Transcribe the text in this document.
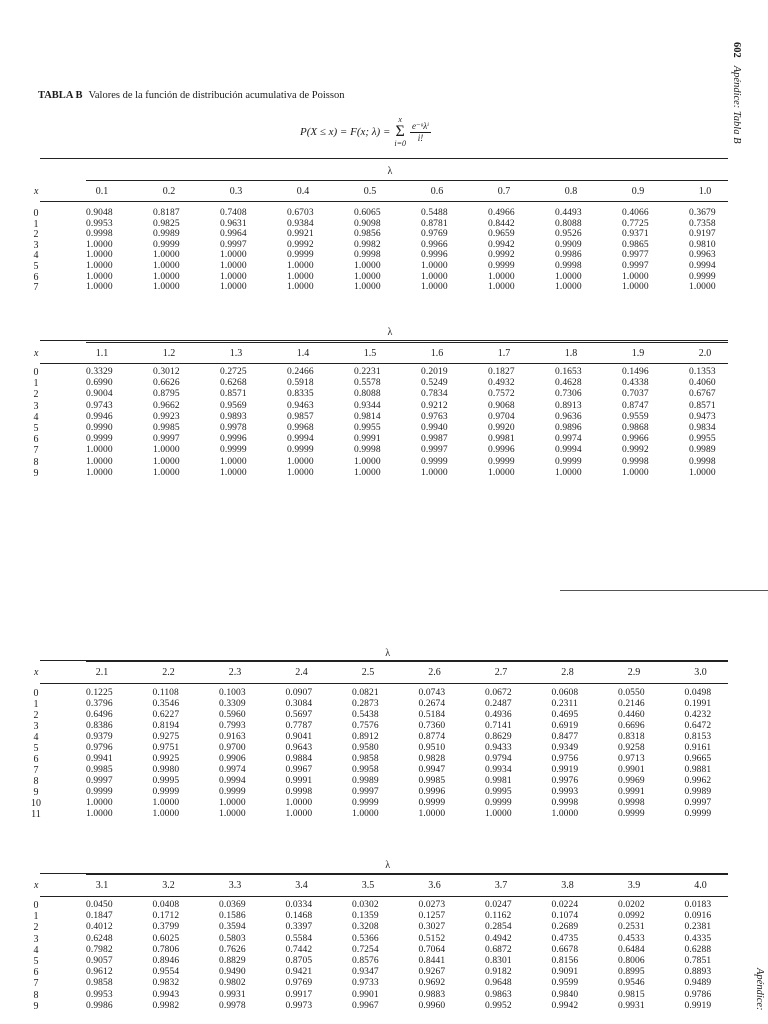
TABLA B Valores de la función de distribución acumulativa de Poisson
P(X ≤ x) = F(x; λ) =
x
Σ
$i=0 \frac{\text{e⁻ᵏλⁱ}}{i!}$
602Apéndice: Tabla B
Apéndice:
λ
x	0.1	0.2	0.3	0.4	0.5	0.6	0.7	0.8	0.9	1.0
0	0.9048	0.8187	0.7408	0.6703	0.6065	0.5488	0.4966	0.4493	0.4066	0.3679
1	0.9953	0.9825	0.9631	0.9384	0.9098	0.8781	0.8442	0.8088	0.7725	0.7358
2	0.9998	0.9989	0.9964	0.9921	0.9856	0.9769	0.9659	0.9526	0.9371	0.9197
3	1.0000	0.9999	0.9997	0.9992	0.9982	0.9966	0.9942	0.9909	0.9865	0.9810
4	1.0000	1.0000	1.0000	0.9999	0.9998	0.9996	0.9992	0.9986	0.9977	0.9963
5	1.0000	1.0000	1.0000	1.0000	1.0000	1.0000	0.9999	0.9998	0.9997	0.9994
6	1.0000	1.0000	1.0000	1.0000	1.0000	1.0000	1.0000	1.0000	1.0000	0.9999
7	1.0000	1.0000	1.0000	1.0000	1.0000	1.0000	1.0000	1.0000	1.0000	1.0000
λ
x	1.1	1.2	1.3	1.4	1.5	1.6	1.7	1.8	1.9	2.0
0	0.3329	0.3012	0.2725	0.2466	0.2231	0.2019	0.1827	0.1653	0.1496	0.1353
1	0.6990	0.6626	0.6268	0.5918	0.5578	0.5249	0.4932	0.4628	0.4338	0.4060
2	0.9004	0.8795	0.8571	0.8335	0.8088	0.7834	0.7572	0.7306	0.7037	0.6767
3	0.9743	0.9662	0.9569	0.9463	0.9344	0.9212	0.9068	0.8913	0.8747	0.8571
4	0.9946	0.9923	0.9893	0.9857	0.9814	0.9763	0.9704	0.9636	0.9559	0.9473
5	0.9990	0.9985	0.9978	0.9968	0.9955	0.9940	0.9920	0.9896	0.9868	0.9834
6	0.9999	0.9997	0.9996	0.9994	0.9991	0.9987	0.9981	0.9974	0.9966	0.9955
7	1.0000	1.0000	0.9999	0.9999	0.9998	0.9997	0.9996	0.9994	0.9992	0.9989
8	1.0000	1.0000	1.0000	1.0000	1.0000	0.9999	0.9999	0.9999	0.9998	0.9998
9	1.0000	1.0000	1.0000	1.0000	1.0000	1.0000	1.0000	1.0000	1.0000	1.0000
λ
x	2.1	2.2	2.3	2.4	2.5	2.6	2.7	2.8	2.9	3.0
0	0.1225	0.1108	0.1003	0.0907	0.0821	0.0743	0.0672	0.0608	0.0550	0.0498
1	0.3796	0.3546	0.3309	0.3084	0.2873	0.2674	0.2487	0.2311	0.2146	0.1991
2	0.6496	0.6227	0.5960	0.5697	0.5438	0.5184	0.4936	0.4695	0.4460	0.4232
3	0.8386	0.8194	0.7993	0.7787	0.7576	0.7360	0.7141	0.6919	0.6696	0.6472
4	0.9379	0.9275	0.9163	0.9041	0.8912	0.8774	0.8629	0.8477	0.8318	0.8153
5	0.9796	0.9751	0.9700	0.9643	0.9580	0.9510	0.9433	0.9349	0.9258	0.9161
6	0.9941	0.9925	0.9906	0.9884	0.9858	0.9828	0.9794	0.9756	0.9713	0.9665
7	0.9985	0.9980	0.9974	0.9967	0.9958	0.9947	0.9934	0.9919	0.9901	0.9881
8	0.9997	0.9995	0.9994	0.9991	0.9989	0.9985	0.9981	0.9976	0.9969	0.9962
9	0.9999	0.9999	0.9999	0.9998	0.9997	0.9996	0.9995	0.9993	0.9991	0.9989
10	1.0000	1.0000	1.0000	1.0000	0.9999	0.9999	0.9999	0.9998	0.9998	0.9997
11	1.0000	1.0000	1.0000	1.0000	1.0000	1.0000	1.0000	1.0000	0.9999	0.9999
λ
x	3.1	3.2	3.3	3.4	3.5	3.6	3.7	3.8	3.9	4.0
0	0.0450	0.0408	0.0369	0.0334	0.0302	0.0273	0.0247	0.0224	0.0202	0.0183
1	0.1847	0.1712	0.1586	0.1468	0.1359	0.1257	0.1162	0.1074	0.0992	0.0916
2	0.4012	0.3799	0.3594	0.3397	0.3208	0.3027	0.2854	0.2689	0.2531	0.2381
3	0.6248	0.6025	0.5803	0.5584	0.5366	0.5152	0.4942	0.4735	0.4533	0.4335
4	0.7982	0.7806	0.7626	0.7442	0.7254	0.7064	0.6872	0.6678	0.6484	0.6288
5	0.9057	0.8946	0.8829	0.8705	0.8576	0.8441	0.8301	0.8156	0.8006	0.7851
6	0.9612	0.9554	0.9490	0.9421	0.9347	0.9267	0.9182	0.9091	0.8995	0.8893
7	0.9858	0.9832	0.9802	0.9769	0.9733	0.9692	0.9648	0.9599	0.9546	0.9489
8	0.9953	0.9943	0.9931	0.9917	0.9901	0.9883	0.9863	0.9840	0.9815	0.9786
9	0.9986	0.9982	0.9978	0.9973	0.9967	0.9960	0.9952	0.9942	0.9931	0.9919
